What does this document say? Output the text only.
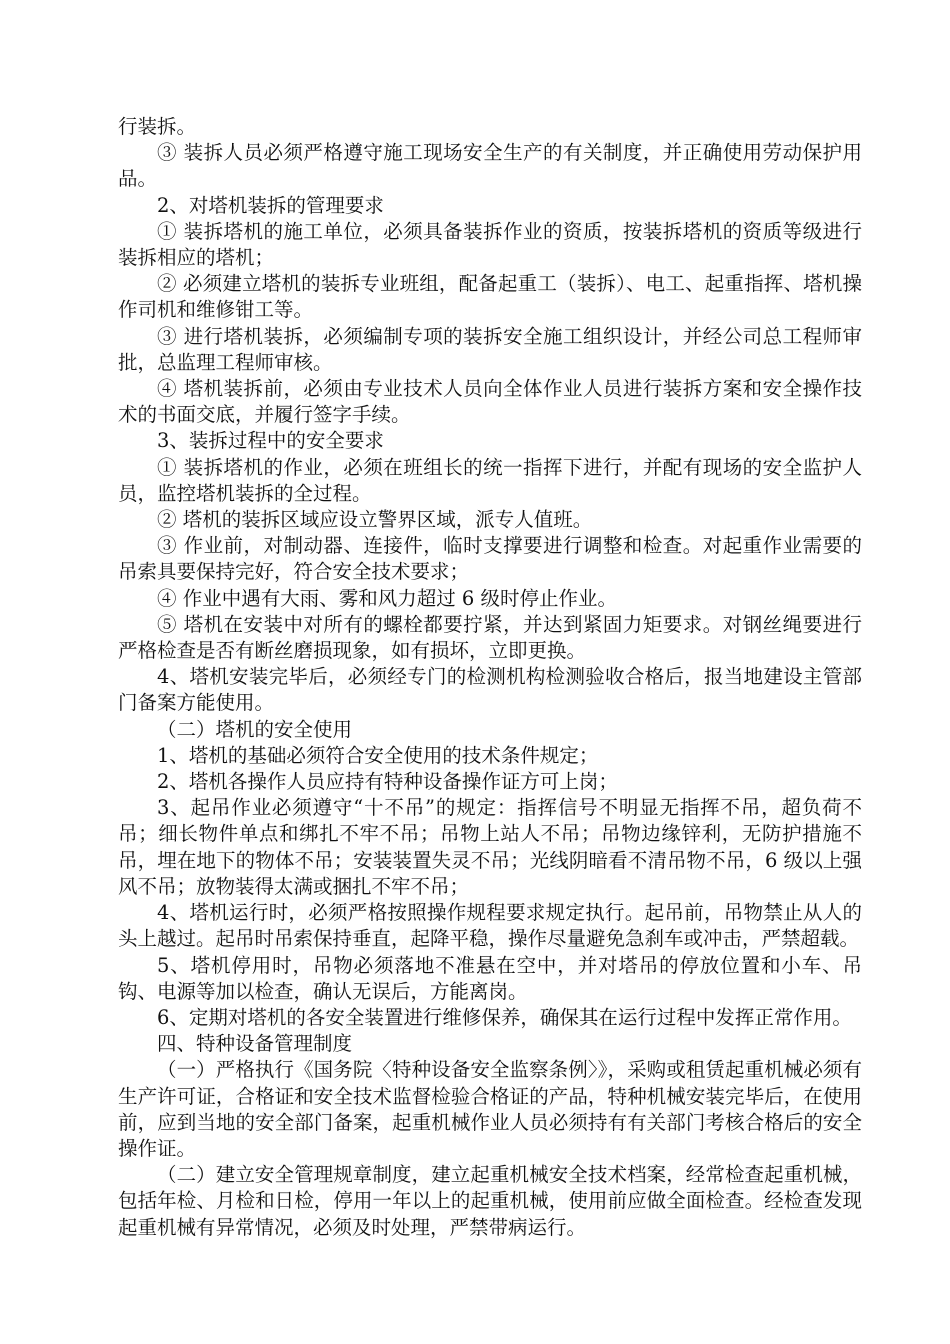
行装拆。

③ 装拆人员必须严格遵守施工现场安全生产的有关制度，并正确使用劳动保护用品。

2、对塔机装拆的管理要求

① 装拆塔机的施工单位，必须具备装拆作业的资质，按装拆塔机的资质等级进行装拆相应的塔机；

② 必须建立塔机的装拆专业班组，配备起重工（装拆）、电工、起重指挥、塔机操作司机和维修钳工等。

③ 进行塔机装拆，必须编制专项的装拆安全施工组织设计，并经公司总工程师审批，总监理工程师审核。

④ 塔机装拆前，必须由专业技术人员向全体作业人员进行装拆方案和安全操作技术的书面交底，并履行签字手续。

3、装拆过程中的安全要求

① 装拆塔机的作业，必须在班组长的统一指挥下进行，并配有现场的安全监护人员，监控塔机装拆的全过程。

② 塔机的装拆区域应设立警界区域，派专人值班。

③ 作业前，对制动器、连接件，临时支撑要进行调整和检查。对起重作业需要的吊索具要保持完好，符合安全技术要求；

④ 作业中遇有大雨、雾和风力超过 6 级时停止作业。

⑤ 塔机在安装中对所有的螺栓都要拧紧，并达到紧固力矩要求。对钢丝绳要进行严格检查是否有断丝磨损现象，如有损坏，立即更换。

4、塔机安装完毕后，必须经专门的检测机构检测验收合格后，报当地建设主管部门备案方能使用。

（二）塔机的安全使用

1、塔机的基础必须符合安全使用的技术条件规定；

2、塔机各操作人员应持有特种设备操作证方可上岗；

3、起吊作业必须遵守“十不吊”的规定：指挥信号不明显无指挥不吊，超负荷不吊；细长物件单点和绑扎不牢不吊；吊物上站人不吊；吊物边缘锌利，无防护措施不吊，埋在地下的物体不吊；安装装置失灵不吊；光线阴暗看不清吊物不吊，6 级以上强风不吊；放物装得太满或捆扎不牢不吊；

4、塔机运行时，必须严格按照操作规程要求规定执行。起吊前，吊物禁止从人的头上越过。起吊时吊索保持垂直，起降平稳，操作尽量避免急刹车或冲击，严禁超载。

5、塔机停用时，吊物必须落地不准悬在空中，并对塔吊的停放位置和小车、吊钩、电源等加以检查，确认无误后，方能离岗。

6、定期对塔机的各安全装置进行维修保养，确保其在运行过程中发挥正常作用。

四、特种设备管理制度

（一）严格执行《国务院〈特种设备安全监察条例〉》，采购或租赁起重机械必须有生产许可证，合格证和安全技术监督检验合格证的产品，特种机械安装完毕后，在使用前，应到当地的安全部门备案，起重机械作业人员必须持有有关部门考核合格后的安全操作证。

（二）建立安全管理规章制度，建立起重机械安全技术档案，经常检查起重机械，包括年检、月检和日检，停用一年以上的起重机械，使用前应做全面检查。经检查发现起重机械有异常情况，必须及时处理，严禁带病运行。
